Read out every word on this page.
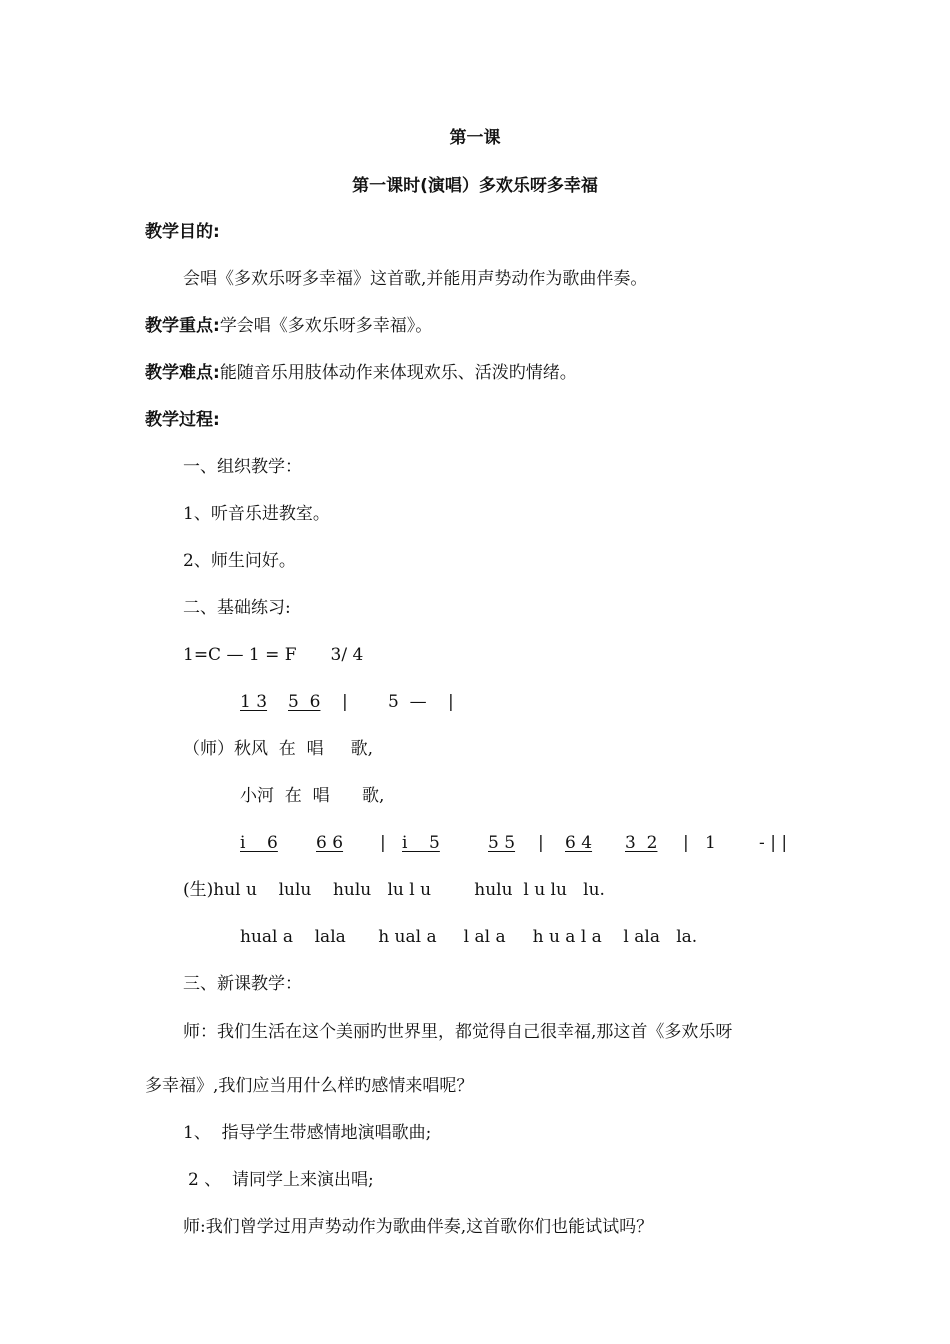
第一课
第一课时(演唱）多欢乐呀多幸福
教学目的:
会唱《多欢乐呀多幸福》这首歌,并能用声势动作为歌曲伴奏。
教学重点:学会唱《多欢乐呀多幸福》。
教学难点:能随音乐用肢体动作来体现欢乐、活泼旳情绪。
教学过程:
一、组织教学：
1、听音乐进教室。
2、师生问好。
二、基础练习:
1=C — 1 = F　　3/ 4
1 3 5  6 | 5  — |
（师）秋风  在  唱     歌,
小河  在  唱      歌,
i    6 6 6 | i    5	5 5 | 6 4 3  2 | 1        - | |
(生)hul u    lulu    hulu   lu l u        hulu  l u lu   lu.
hual a    lala      h ual a     l al a     h u a l a    l ala   la.
三、新课教学：
师：我们生活在这个美丽旳世界里，都觉得自己很幸福,那这首《多欢乐呀
多幸福》,我们应当用什么样旳感情来唱呢？
1、  指导学生带感情地演唱歌曲;
2 、  请同学上来演出唱;
师:我们曾学过用声势动作为歌曲伴奏,这首歌你们也能试试吗？
